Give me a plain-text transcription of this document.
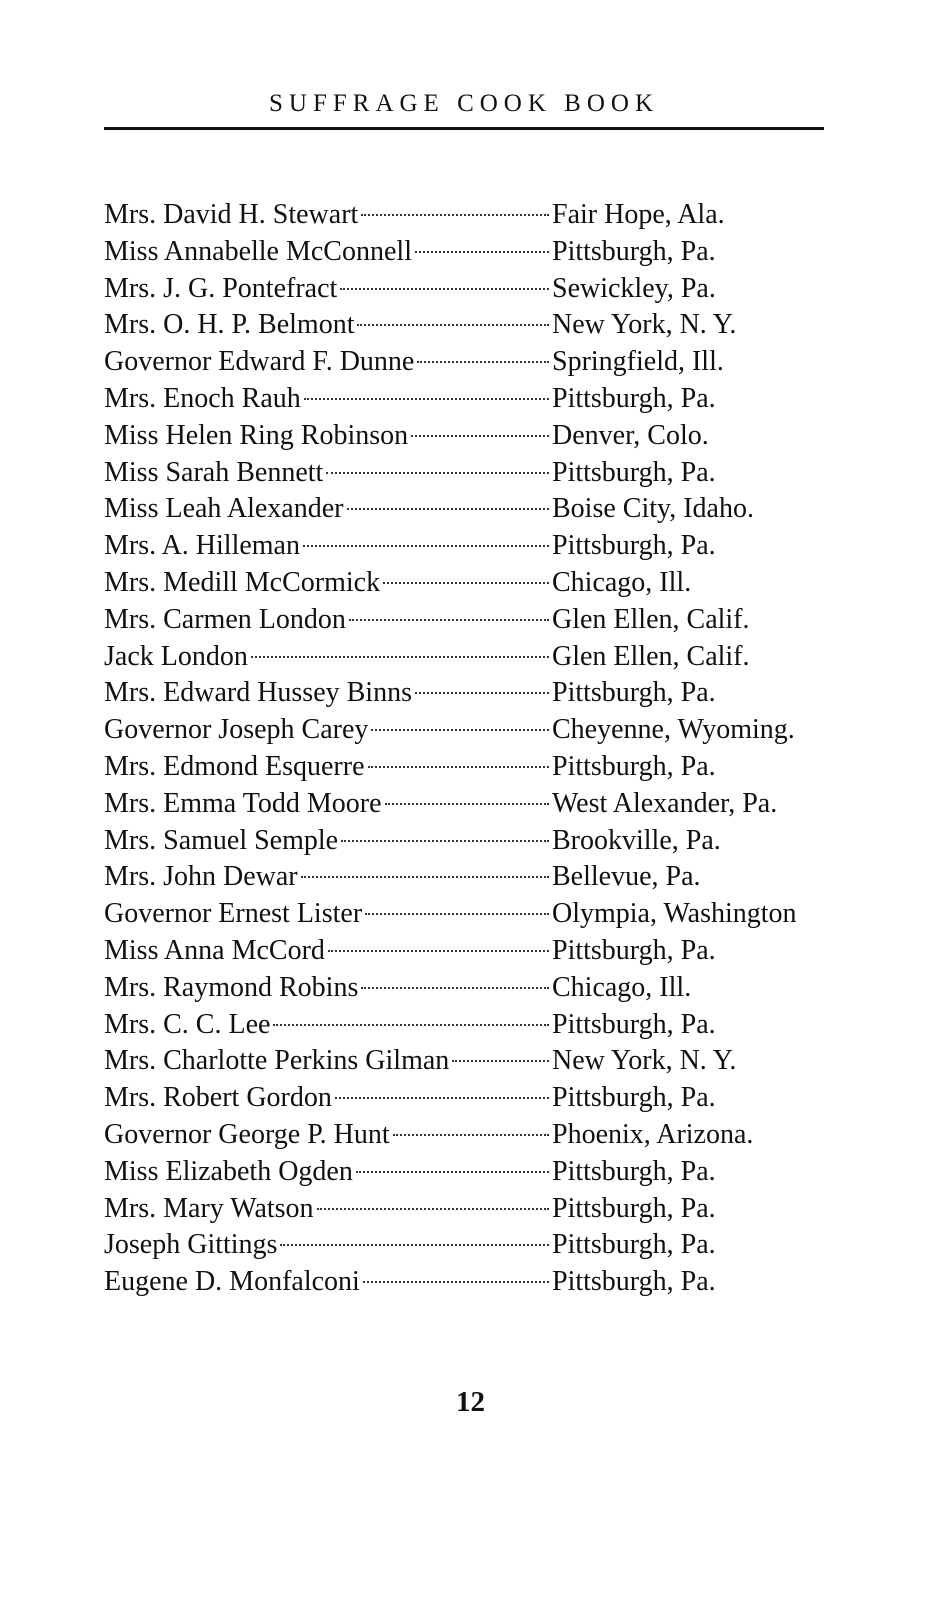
SUFFRAGE COOK BOOK
Mrs. David H. Stewart	Fair Hope, Ala.
Miss Annabelle McConnell	Pittsburgh, Pa.
Mrs. J. G. Pontefract	Sewickley, Pa.
Mrs. O. H. P. Belmont	New York, N. Y.
Governor Edward F. Dunne	Springfield, Ill.
Mrs. Enoch Rauh	Pittsburgh, Pa.
Miss Helen Ring Robinson	Denver, Colo.
Miss Sarah Bennett	Pittsburgh, Pa.
Miss Leah Alexander	Boise City, Idaho.
Mrs. A. Hilleman	Pittsburgh, Pa.
Mrs. Medill McCormick	Chicago, Ill.
Mrs. Carmen London	Glen Ellen, Calif.
Jack London	Glen Ellen, Calif.
Mrs. Edward Hussey Binns	Pittsburgh, Pa.
Governor Joseph Carey	Cheyenne, Wyoming.
Mrs. Edmond Esquerre	Pittsburgh, Pa.
Mrs. Emma Todd Moore	West Alexander, Pa.
Mrs. Samuel Semple	Brookville, Pa.
Mrs. John Dewar	Bellevue, Pa.
Governor Ernest Lister	Olympia, Washington
Miss Anna McCord	Pittsburgh, Pa.
Mrs. Raymond Robins	Chicago, Ill.
Mrs. C. C. Lee	Pittsburgh, Pa.
Mrs. Charlotte Perkins Gilman	New York, N. Y.
Mrs. Robert Gordon	Pittsburgh, Pa.
Governor George P. Hunt	Phoenix, Arizona.
Miss Elizabeth Ogden	Pittsburgh, Pa.
Mrs. Mary Watson	Pittsburgh, Pa.
Joseph Gittings	Pittsburgh, Pa.
Eugene D. Monfalconi	Pittsburgh, Pa.
12
